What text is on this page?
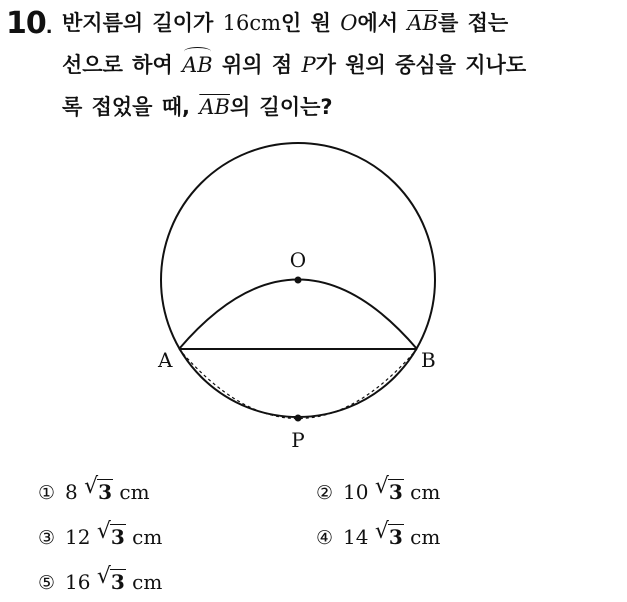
10. 반지름의 길이가 16cm인 원 O에서 $\overline{AB}$를 접는
선으로 하여 AB 위의 점 P가 원의 중심을 지나도
록 접었을 때, $\overline{AB}$의 길이는?
O
A	B
P
① 8 √ 3 cm	② 10 √ 3 cm
③ 12 √ 3 cm	④ 14 √ 3 cm
⑤ 16 √ 3 cm
